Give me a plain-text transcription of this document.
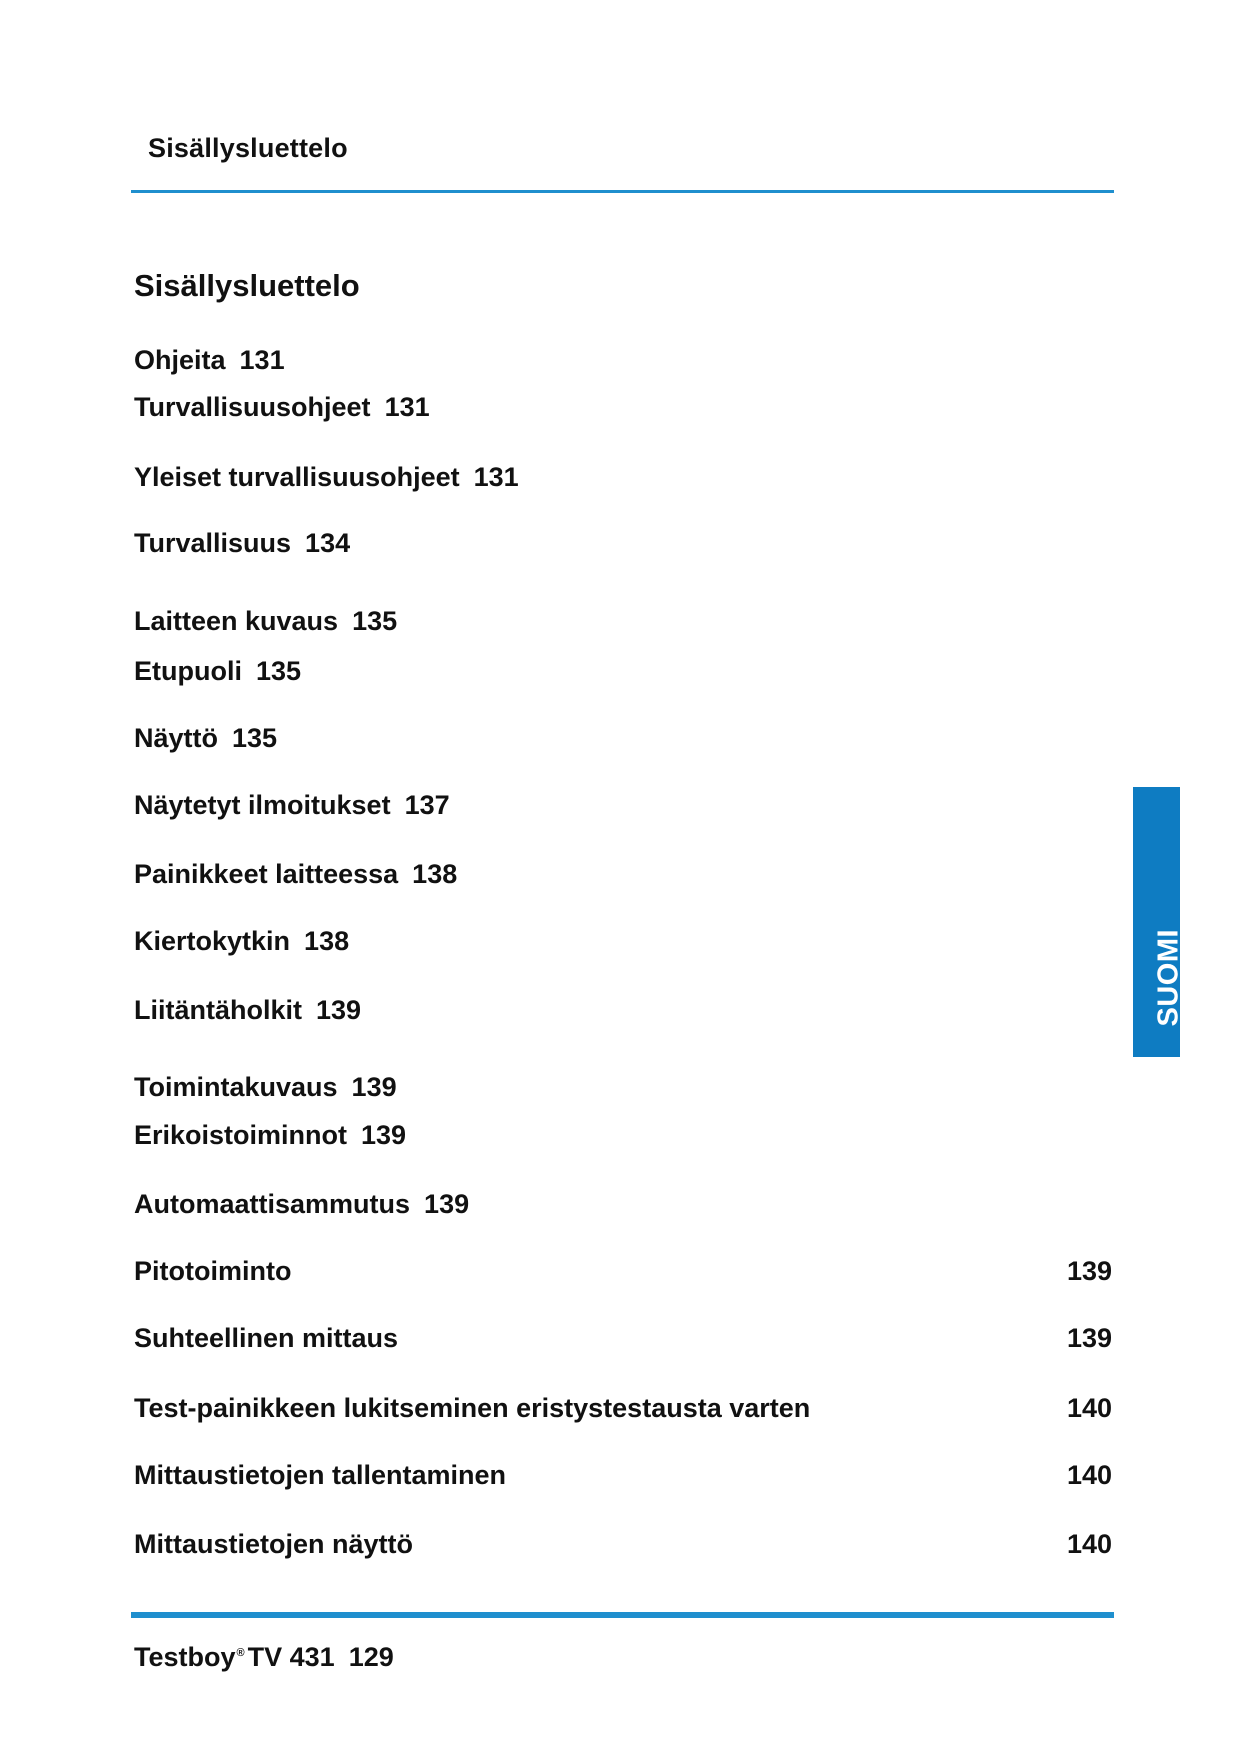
Sisällysluettelo
Sisällysluettelo
Ohjeita 131
Turvallisuusohjeet 131
Yleiset turvallisuusohjeet 131
Turvallisuus 134
Laitteen kuvaus 135
Etupuoli 135
Näyttö 135
Näytetyt ilmoitukset 137
Painikkeet laitteessa 138
Kiertokytkin 138
Liitäntäholkit 139
Toimintakuvaus 139
Erikoistoiminnot 139
Automaattisammutus 139
Pitotoiminto	139
Suhteellinen mittaus	139
Test-painikkeen lukitseminen eristystestausta varten	140
Mittaustietojen tallentaminen	140
Mittaustietojen näyttö	140
SUOMI
Testboy® TV 431 129
